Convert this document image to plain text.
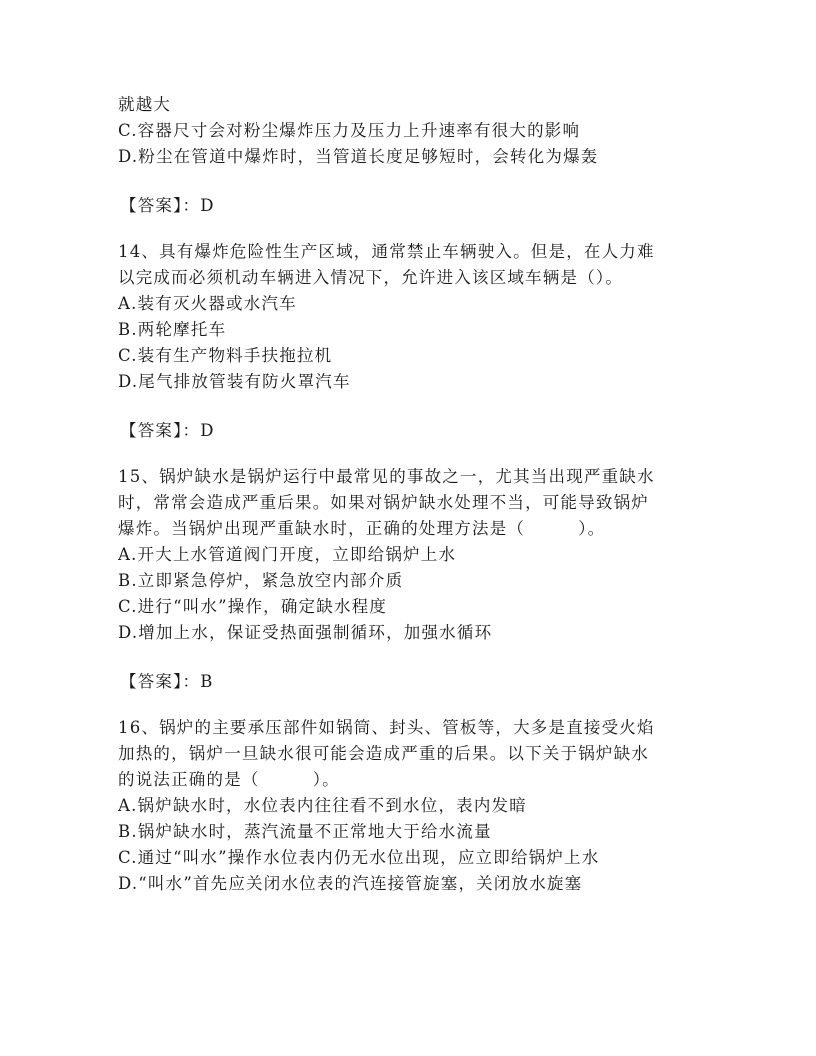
就越大
C.容器尺寸会对粉尘爆炸压力及压力上升速率有很大的影响
D.粉尘在管道中爆炸时，当管道长度足够短时，会转化为爆轰
【答案】：D
14、具有爆炸危险性生产区域，通常禁止车辆驶入。但是，在人力难
以完成而必须机动车辆进入情况下，允许进入该区域车辆是（）。
A.装有灭火器或水汽车
B.两轮摩托车
C.装有生产物料手扶拖拉机
D.尾气排放管装有防火罩汽车
【答案】：D
15、锅炉缺水是锅炉运行中最常见的事故之一，尤其当出现严重缺水
时，常常会造成严重后果。如果对锅炉缺水处理不当，可能导致锅炉
爆炸。当锅炉出现严重缺水时，正确的处理方法是（　　　）。
A.开大上水管道阀门开度，立即给锅炉上水
B.立即紧急停炉，紧急放空内部介质
C.进行“叫水”操作，确定缺水程度
D.增加上水，保证受热面强制循环，加强水循环
【答案】：B
16、锅炉的主要承压部件如锅筒、封头、管板等，大多是直接受火焰
加热的，锅炉一旦缺水很可能会造成严重的后果。以下关于锅炉缺水
的说法正确的是（　　　）。
A.锅炉缺水时，水位表内往往看不到水位，表内发暗
B.锅炉缺水时，蒸汽流量不正常地大于给水流量
C.通过“叫水”操作水位表内仍无水位出现，应立即给锅炉上水
D.“叫水”首先应关闭水位表的汽连接管旋塞，关闭放水旋塞
